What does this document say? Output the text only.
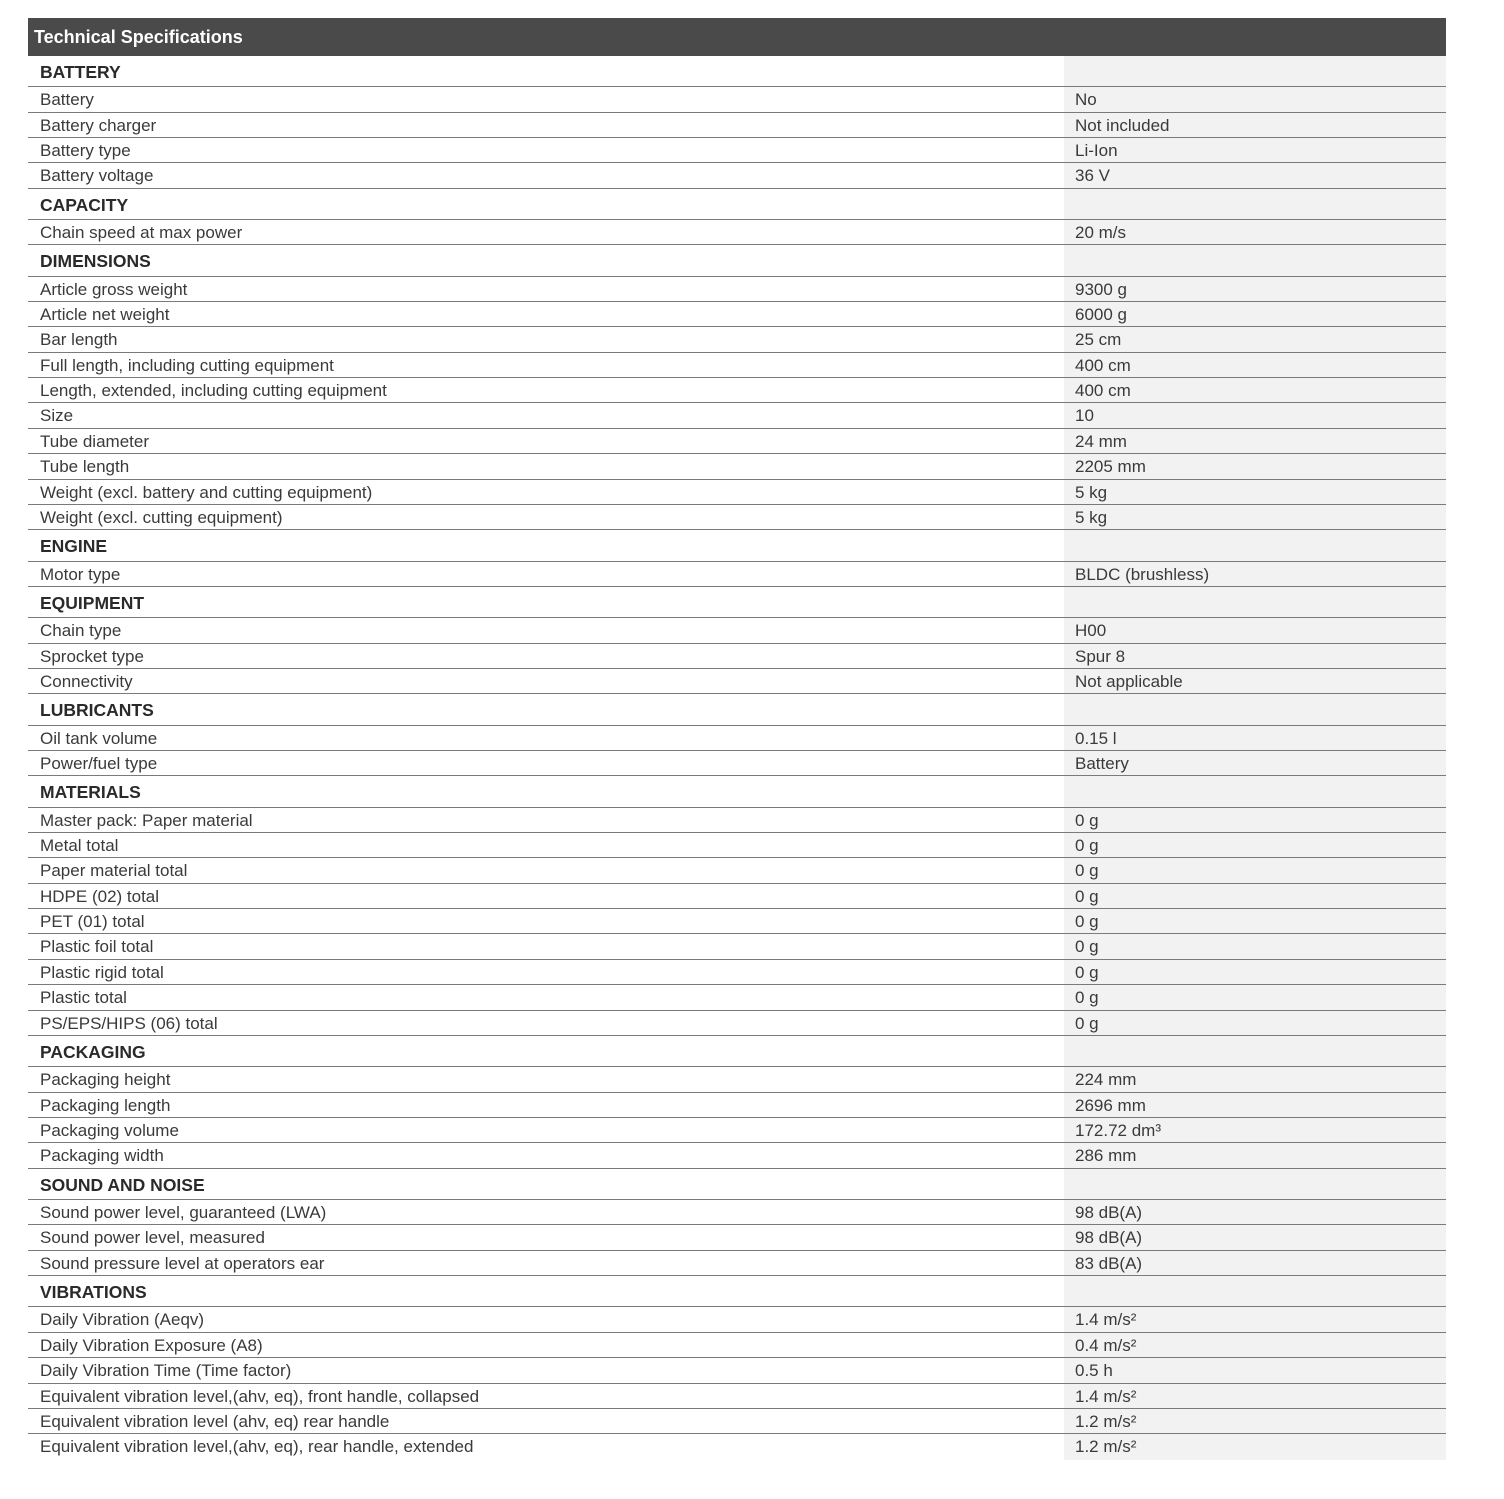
Technical Specifications
BATTERY
Battery	No
Battery charger	Not included
Battery type	Li-Ion
Battery voltage	36 V
CAPACITY
Chain speed at max power	20 m/s
DIMENSIONS
Article gross weight	9300 g
Article net weight	6000 g
Bar length	25 cm
Full length, including cutting equipment	400 cm
Length, extended, including cutting equipment	400 cm
Size	10
Tube diameter	24 mm
Tube length	2205 mm
Weight (excl. battery and cutting equipment)	5 kg
Weight (excl. cutting equipment)	5 kg
ENGINE
Motor type	BLDC (brushless)
EQUIPMENT
Chain type	H00
Sprocket type	Spur 8
Connectivity	Not applicable
LUBRICANTS
Oil tank volume	0.15 l
Power/fuel type	Battery
MATERIALS
Master pack: Paper material	0 g
Metal total	0 g
Paper material total	0 g
HDPE (02) total	0 g
PET (01) total	0 g
Plastic foil total	0 g
Plastic rigid total	0 g
Plastic total	0 g
PS/EPS/HIPS (06) total	0 g
PACKAGING
Packaging height	224 mm
Packaging length	2696 mm
Packaging volume	172.72 dm³
Packaging width	286 mm
SOUND AND NOISE
Sound power level, guaranteed (LWA)	98 dB(A)
Sound power level, measured	98 dB(A)
Sound pressure level at operators ear	83 dB(A)
VIBRATIONS
Daily Vibration (Aeqv)	1.4 m/s²
Daily Vibration Exposure (A8)	0.4 m/s²
Daily Vibration Time (Time factor)	0.5 h
Equivalent vibration level,(ahv, eq), front handle, collapsed	1.4 m/s²
Equivalent vibration level (ahv, eq) rear handle	1.2 m/s²
Equivalent vibration level,(ahv, eq), rear handle, extended	1.2 m/s²
